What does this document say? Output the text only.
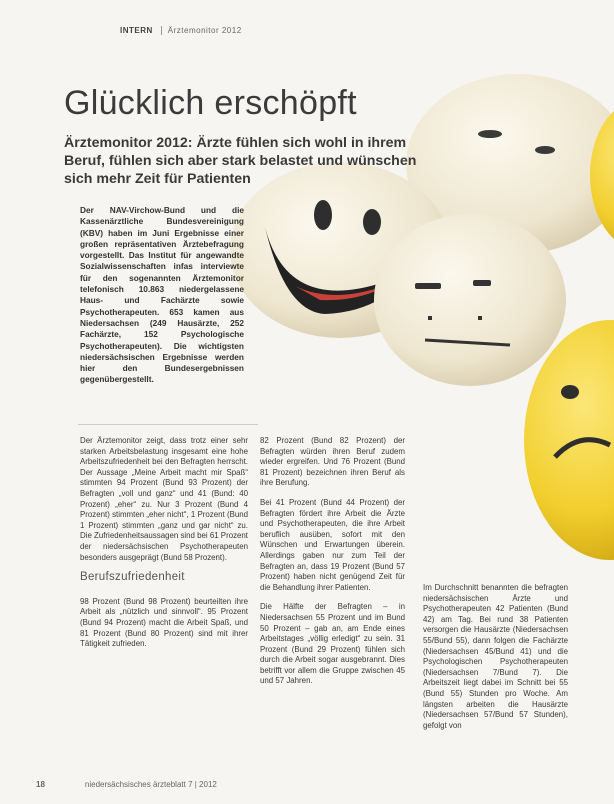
INTERN Ärztemonitor 2012
Glücklich erschöpft
Ärztemonitor 2012: Ärzte fühlen sich wohl in ihrem Beruf, fühlen sich aber stark belastet und wünschen sich mehr Zeit für Patienten
Der NAV-Virchow-Bund und die Kassenärztliche Bundesvereinigung (KBV) haben im Juni Ergebnisse einer großen repräsentativen Ärztebefragung vorgestellt. Das Institut für angewandte Sozialwissenschaften infas interviewte für den sogenannten Ärztemonitor telefonisch 10.863 niedergelassene Haus- und Fachärzte sowie Psychotherapeuten. 653 kamen aus Niedersachsen (249 Hausärzte, 252 Fachärzte, 152 Psychologische Psychotherapeuten). Die wichtigsten niedersächsischen Ergebnisse werden hier den Bundesergebnissen gegenübergestellt.

Der Ärztemonitor zeigt, dass trotz einer sehr starken Arbeitsbelastung insgesamt eine hohe Arbeitszufriedenheit bei den Befragten herrscht. Der Aussage „Meine Arbeit macht mir Spaß“ stimmten 94 Prozent (Bund 93 Prozent) der Befragten „voll und ganz“ und 41 (Bund: 40 Prozent) „eher“ zu. Nur 3 Prozent (Bund 4 Prozent) stimmten „eher nicht“, 1 Prozent (Bund 1 Prozent) stimmten „ganz und gar nicht“ zu. Die Zufriedenheitsaussagen sind bei 61 Prozent der niedersächsischen Psychotherapeuten besonders ausgeprägt (Bund 58 Prozent).

Berufszufriedenheit

98 Prozent (Bund 98 Prozent) beurteilten ihre Arbeit als „nützlich und sinnvoll“. 95 Prozent (Bund 94 Prozent) macht die Arbeit Spaß, und 81 Prozent (Bund 80 Prozent) sind mit ihrer Tätigkeit zufrieden.

82 Prozent (Bund 82 Prozent) der Befragten würden ihren Beruf zudem wieder ergreifen. Und 76 Prozent (Bund 81 Prozent) bezeichnen ihren Beruf als ihre Berufung.

Bei 41 Prozent (Bund 44 Prozent) der Befragten fördert ihre Arbeit die Ärzte und Psychotherapeuten, die ihre Arbeit beruflich ausüben, sofort mit den Wünschen und Erwartungen überein. Allerdings gaben nur zum Teil der Befragten an, dass 19 Prozent (Bund 57 Prozent) haben nicht genügend Zeit für die Behandlung ihrer Patienten.

Die Hälfte der Befragten – in Niedersachsen 55 Prozent und im Bund 50 Prozent – gab an, am Ende eines Arbeitstages „völlig erledigt“ zu sein. 31 Prozent (Bund 29 Prozent) fühlen sich durch die Arbeit sogar ausgebrannt. Dies betrifft vor allem die Gruppe zwischen 45 und 57 Jahren.

Im Durchschnitt benannten die befragten niedersächsischen Ärzte und Psychotherapeuten 42 Patienten (Bund 42) am Tag. Bei rund 38 Patienten versorgen die Hausärzte (Niedersachsen 55/Bund 55), dann folgen die Fachärzte (Niedersachsen 45/Bund 41) und die Psychologischen Psychotherapeuten (Niedersachsen 7/Bund 7). Die Arbeitszeit liegt dabei im Schnitt bei 55 (Bund 55) Stunden pro Woche. Am längsten arbeiten die Hausärzte (Niedersachsen 57/Bund 57 Stunden), gefolgt von

18	niedersächsisches ärzteblatt 7 | 2012
